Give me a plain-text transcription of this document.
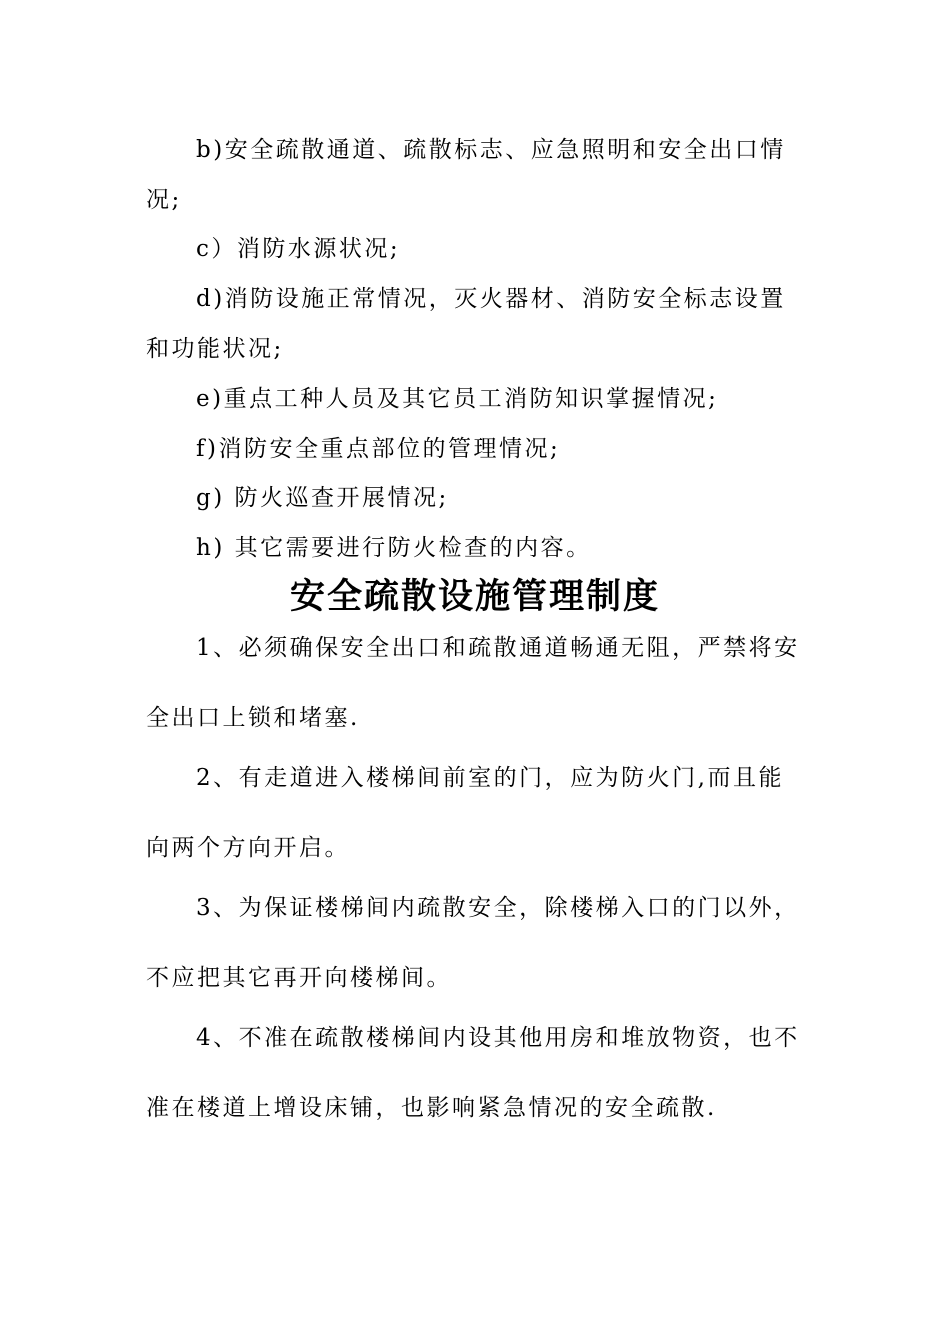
b)安全疏散通道、疏散标志、应急照明和安全出口情
况;
c）消防水源状况;
d)消防设施正常情况，灭火器材、消防安全标志设置
和功能状况;
e)重点工种人员及其它员工消防知识掌握情况;
f)消防安全重点部位的管理情况;
g) 防火巡查开展情况;
h) 其它需要进行防火检查的内容。
安全疏散设施管理制度
1、必须确保安全出口和疏散通道畅通无阻，严禁将安
全出口上锁和堵塞.
2、有走道进入楼梯间前室的门，应为防火门,而且能
向两个方向开启。
3、为保证楼梯间内疏散安全，除楼梯入口的门以外，
不应把其它再开向楼梯间。
4、不准在疏散楼梯间内设其他用房和堆放物资，也不
准在楼道上增设床铺，也影响紧急情况的安全疏散.
